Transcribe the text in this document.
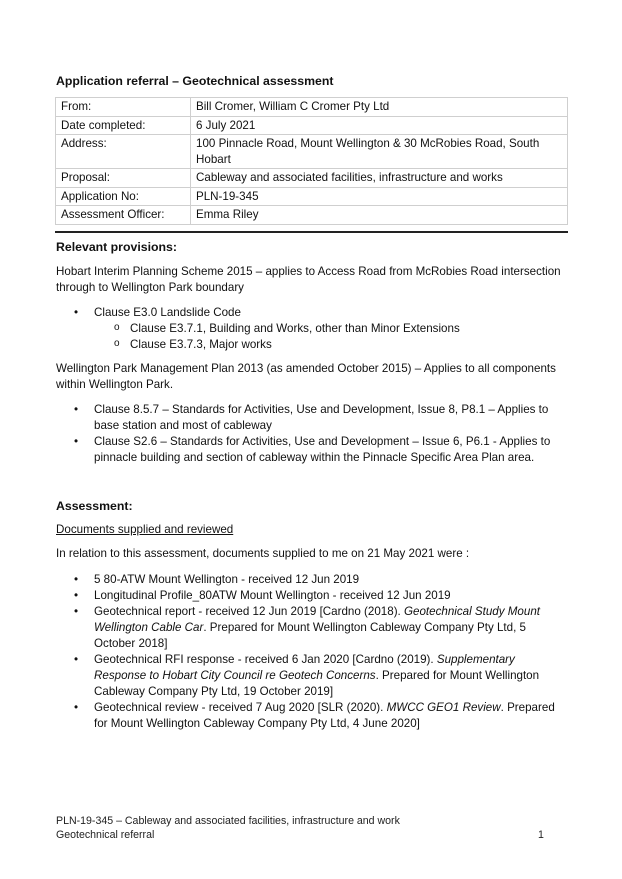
Application referral – Geotechnical assessment
From:	Bill Cromer, William C Cromer Pty Ltd
Date completed:	6 July 2021
Address:	100 Pinnacle Road, Mount Wellington & 30 McRobies Road, South Hobart
Proposal:	Cableway and associated facilities, infrastructure and works
Application No:	PLN-19-345
Assessment Officer:	Emma Riley
Relevant provisions:
Hobart Interim Planning Scheme 2015 – applies to Access Road from McRobies Road intersection through to Wellington Park boundary
• Clause E3.0 Landslide Code
o Clause E3.7.1, Building and Works, other than Minor Extensions
o Clause E3.7.3, Major works
Wellington Park Management Plan 2013 (as amended October 2015) – Applies to all components within Wellington Park.
• Clause 8.5.7 – Standards for Activities, Use and Development, Issue 8, P8.1 – Applies to base station and most of cableway
• Clause S2.6 – Standards for Activities, Use and Development – Issue 6, P6.1 - Applies to pinnacle building and section of cableway within the Pinnacle Specific Area Plan area.
Assessment:
Documents supplied and reviewed
In relation to this assessment, documents supplied to me on 21 May 2021 were :
• 5 80-ATW Mount Wellington - received 12 Jun 2019
• Longitudinal Profile_80ATW Mount Wellington - received 12 Jun 2019
• Geotechnical report - received 12 Jun 2019 [Cardno (2018). Geotechnical Study Mount Wellington Cable Car. Prepared for Mount Wellington Cableway Company Pty Ltd, 5 October 2018]
• Geotechnical RFI response - received 6 Jan 2020 [Cardno (2019). Supplementary Response to Hobart City Council re Geotech Concerns. Prepared for Mount Wellington Cableway Company Pty Ltd, 19 October 2019]
• Geotechnical review - received 7 Aug 2020 [SLR (2020). MWCC GEO1 Review. Prepared for Mount Wellington Cableway Company Pty Ltd, 4 June 2020]
PLN-19-345 – Cableway and associated facilities, infrastructure and work
Geotechnical referral	1
